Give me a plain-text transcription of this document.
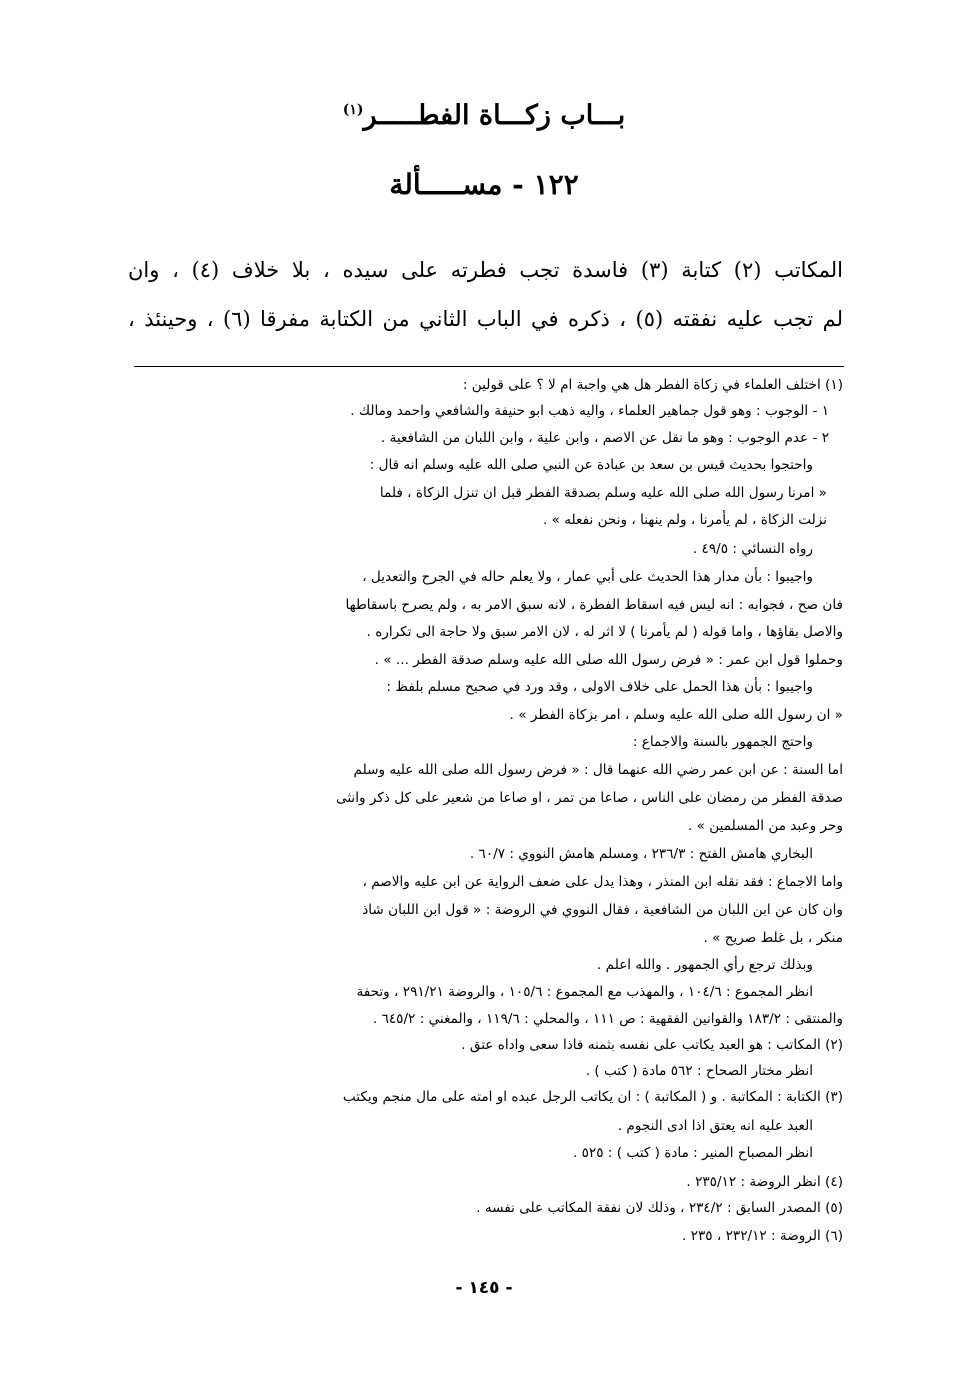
بـــاب زكـــاة الفطـــــر$^{(١)}$
١٢٢ - مســـــألة
المكاتب (٢) كتابة (٣) فاسدة تجب فطرته على سيده ، بلا خلاف (٤) ، وان
لم تجب عليه نفقته (٥) ، ذكره في الباب الثاني من الكتابة مفرقا (٦) ، وحينئذ ،
(١) اختلف العلماء في زكاة الفطر هل هي واجبة ام لا ؟ على قولين :
١ - الوجوب : وهو قول جماهير العلماء ، واليه ذهب ابو حنيفة والشافعي واحمد ومالك .
٢ - عدم الوجوب : وهو ما نقل عن الاصم ، وابن علية ، وابن اللبان من الشافعية .
واحتجوا بحديث قيس بن سعد بن عبادة عن النبي صلى الله عليه وسلم انه قال :
« امرنا رسول الله صلى الله عليه وسلم بصدقة الفطر قبل ان تنزل الزكاة ، فلما
نزلت الزكاة ، لم يأمرنا ، ولم ينهنا ، ونحن نفعله » .
رواه النسائي : ٤٩/٥ .
واجيبوا : بأن مدار هذا الحديث على أبي عمار ، ولا يعلم حاله في الجرح والتعديل ،
فان صح ، فجوابه : انه ليس فيه اسقاط الفطرة ، لانه سبق الامر به ، ولم يصرح باسقاطها
والاصل بقاؤها ، واما قوله ( لم يأمرنا ) لا اثر له ، لان الامر سبق ولا حاجة الى تكراره .
وحملوا قول ابن عمر : « فرض رسول الله صلى الله عليه وسلم صدقة الفطر ... » .
واجيبوا : بأن هذا الحمل على خلاف الاولى ، وقد ورد في صحيح مسلم بلفظ :
« ان رسول الله صلى الله عليه وسلم ، امر بزكاة الفطر » .
واحتج الجمهور بالسنة والاجماع :
اما السنة : عن ابن عمر رضي الله عنهما قال : « فرض رسول الله صلى الله عليه وسلم
صدقة الفطر من رمضان على الناس ، صاعا من تمر ، او صاعا من شعير على كل ذكر وانثى
وحر وعبد من المسلمين » .
البخاري هامش الفتح : ٢٣٦/٣ ، ومسلم هامش النووي : ٦٠/٧ .
واما الاجماع : فقد نقله ابن المنذر ، وهذا يدل على ضعف الرواية عن ابن عليه والاصم ،
وان كان عن ابن اللبان من الشافعية ، فقال النووي في الروضة : « قول ابن اللبان شاذ
منكر ، بل غلط صريح » .
وبذلك ترجع رأي الجمهور . والله اعلم .
انظر المجموع : ١٠٤/٦ ، والمهذب مع المجموع : ١٠٥/٦ ، والروضة ٢٩١/٢١ ، وتحفة
والمنتقى : ١٨٣/٢ والقوانين الفقهية : ص ١١١ ، والمحلي : ١١٩/٦ ، والمغني : ٦٤٥/٢ .
(٢) المكاتب : هو العبد يكاتب على نفسه بثمنه فاذا سعى واداه عتق .
انظر مختار الصحاح : ٥٦٢ مادة ( كتب ) .
(٣) الكتابة : المكاتبة . و ( المكاتبة ) : ان يكاتب الرجل عبده او امته على مال منجم ويكتب
العبد عليه انه يعتق اذا ادى النجوم .
انظر المصباح المنير : مادة ( كتب ) : ٥٢٥ .
(٤) انظر الروضة : ٢٣٥/١٢ .
(٥) المصدر السابق : ٢٣٤/٢ ، وذلك لان نفقة المكاتب على نفسه .
(٦) الروضة : ٢٣٢/١٢ ، ٢٣٥ .
- ١٤٥ -
